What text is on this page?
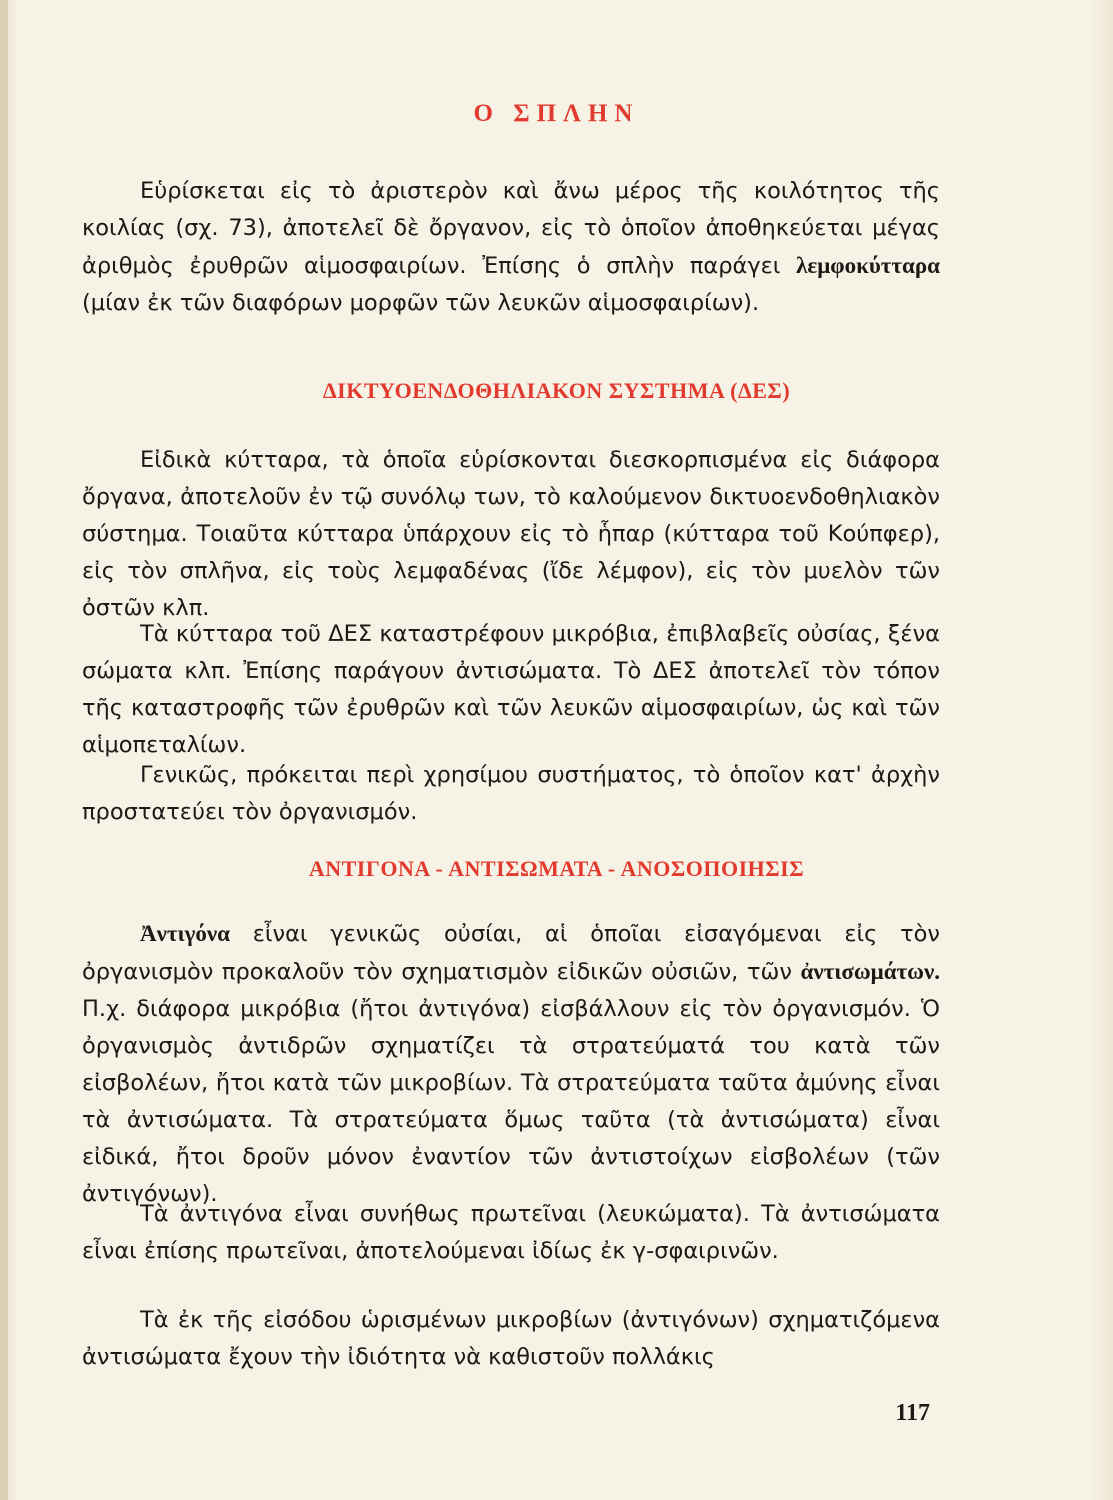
Ο ΣΠΛΗΝ
Εὑρίσκεται εἰς τὸ ἀριστερὸν καὶ ἄνω μέρος τῆς κοιλότητος τῆς κοιλίας (σχ. 73), ἀποτελεῖ δὲ ὄργανον, εἰς τὸ ὁποῖον ἀποθηκεύεται μέγας ἀριθμὸς ἐρυθρῶν αἱμοσφαιρίων. Ἐπίσης ὁ σπλὴν παράγει λεμφοκύτταρα (μίαν ἐκ τῶν διαφόρων μορφῶν τῶν λευκῶν αἱμοσφαιρίων).
ΔΙΚΤΥΟΕΝΔΟΘΗΛΙΑΚΟΝ ΣΥΣΤΗΜΑ (ΔΕΣ)
Εἰδικὰ κύτταρα, τὰ ὁποῖα εὑρίσκονται διεσκορπισμένα εἰς διάφορα ὄργανα, ἀποτελοῦν ἐν τῷ συνόλῳ των, τὸ καλούμενον δικτυοενδοθηλιακὸν σύστημα. Τοιαῦτα κύτταρα ὑπάρχουν εἰς τὸ ἧπαρ (κύτταρα τοῦ Κούπφερ), εἰς τὸν σπλῆνα, εἰς τοὺς λεμφαδένας (ἴδε λέμφον), εἰς τὸν μυελὸν τῶν ὀστῶν κλπ.
Τὰ κύτταρα τοῦ ΔΕΣ καταστρέφουν μικρόβια, ἐπιβλαβεῖς οὐσίας, ξένα σώματα κλπ. Ἐπίσης παράγουν ἀντισώματα. Τὸ ΔΕΣ ἀποτελεῖ τὸν τόπον τῆς καταστροφῆς τῶν ἐρυθρῶν καὶ τῶν λευκῶν αἱμοσφαιρίων, ὡς καὶ τῶν αἱμοπεταλίων.
Γενικῶς, πρόκειται περὶ χρησίμου συστήματος, τὸ ὁποῖον κατ' ἀρχὴν προστατεύει τὸν ὀργανισμόν.
ΑΝΤΙΓΟΝΑ - ΑΝΤΙΣΩΜΑΤΑ - ΑΝΟΣΟΠΟΙΗΣΙΣ
Ἀντιγόνα εἶναι γενικῶς οὐσίαι, αἱ ὁποῖαι εἰσαγόμεναι εἰς τὸν ὀργανισμὸν προκαλοῦν τὸν σχηματισμὸν εἰδικῶν οὐσιῶν, τῶν ἀντισωμάτων. Π.χ. διάφορα μικρόβια (ἤτοι ἀντιγόνα) εἰσβάλλουν εἰς τὸν ὀργανισμόν. Ὁ ὀργανισμὸς ἀντιδρῶν σχηματίζει τὰ στρατεύματά του κατὰ τῶν εἰσβολέων, ἤτοι κατὰ τῶν μικροβίων. Τὰ στρατεύματα ταῦτα ἀμύνης εἶναι τὰ ἀντισώματα. Τὰ στρατεύματα ὅμως ταῦτα (τὰ ἀντισώματα) εἶναι εἰδικά, ἤτοι δροῦν μόνον ἐναντίον τῶν ἀντιστοίχων εἰσβολέων (τῶν ἀντιγόνων).
Τὰ ἀντιγόνα εἶναι συνήθως πρωτεῖναι (λευκώματα). Τὰ ἀντισώματα εἶναι ἐπίσης πρωτεῖναι, ἀποτελούμεναι ἰδίως ἐκ γ-σφαιρινῶν.
Τὰ ἐκ τῆς εἰσόδου ὡρισμένων μικροβίων (ἀντιγόνων) σχηματιζόμενα ἀντισώματα ἔχουν τὴν ἰδιότητα νὰ καθιστοῦν πολλάκις
117
